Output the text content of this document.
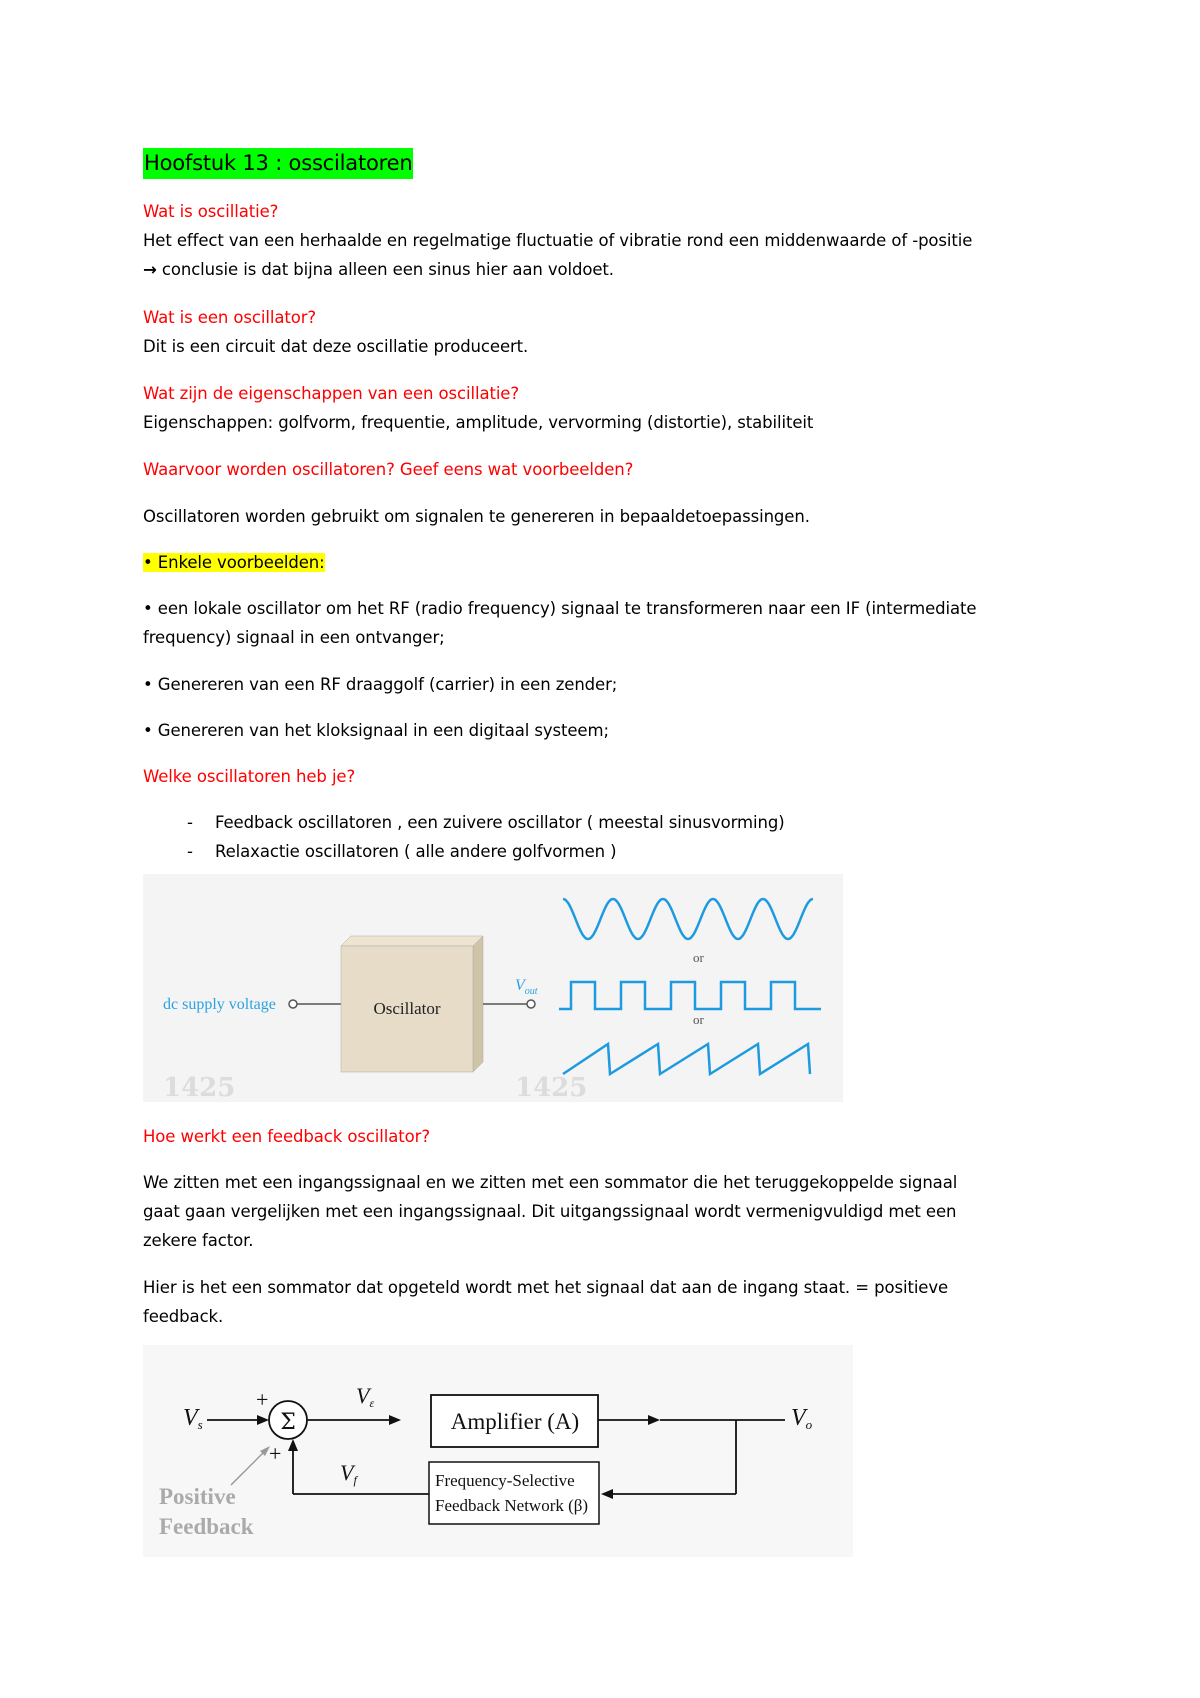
Hoofstuk 13 : osscilatoren
Wat is oscillatie?
Het effect van een herhaalde en regelmatige fluctuatie of vibratie rond een middenwaarde of -positie
→ conclusie is dat bijna alleen een sinus hier aan voldoet.
Wat is een oscillator?
Dit is een circuit dat deze oscillatie produceert.
Wat zijn de eigenschappen van een oscillatie?
Eigenschappen: golfvorm, frequentie, amplitude, vervorming (distortie), stabiliteit
Waarvoor worden oscillatoren? Geef eens wat voorbeelden?
Oscillatoren worden gebruikt om signalen te genereren in bepaaldetoepassingen.
• Enkele voorbeelden:
• een lokale oscillator om het RF (radio frequency) signaal te transformeren naar een IF (intermediate
frequency) signaal in een ontvanger;
• Genereren van een RF draaggolf (carrier) in een zender;
• Genereren van het kloksignaal in een digitaal systeem;
Welke oscillatoren heb je?
- Feedback oscillatoren , een zuivere oscillator ( meestal sinusvorming)
- Relaxactie oscillatoren ( alle andere golfvormen )
Hoe werkt een feedback oscillator?
We zitten met een ingangssignaal en we zitten met een sommator die het teruggekoppelde signaal
gaat gaan vergelijken met een ingangssignaal. Dit uitgangssignaal wordt vermenigvuldigd met een
zekere factor.
Hier is het een sommator dat opgeteld wordt met het signaal dat aan de ingang staat. = positieve
feedback.
1425	1425
dc supply voltage	Oscillator
$V_{out}$
or
or
Vs
+
Σ
+
Vε
Amplifier (A)	Vo
Frequency-Selective
Feedback Network (β)
Vf
Positive
Feedback
